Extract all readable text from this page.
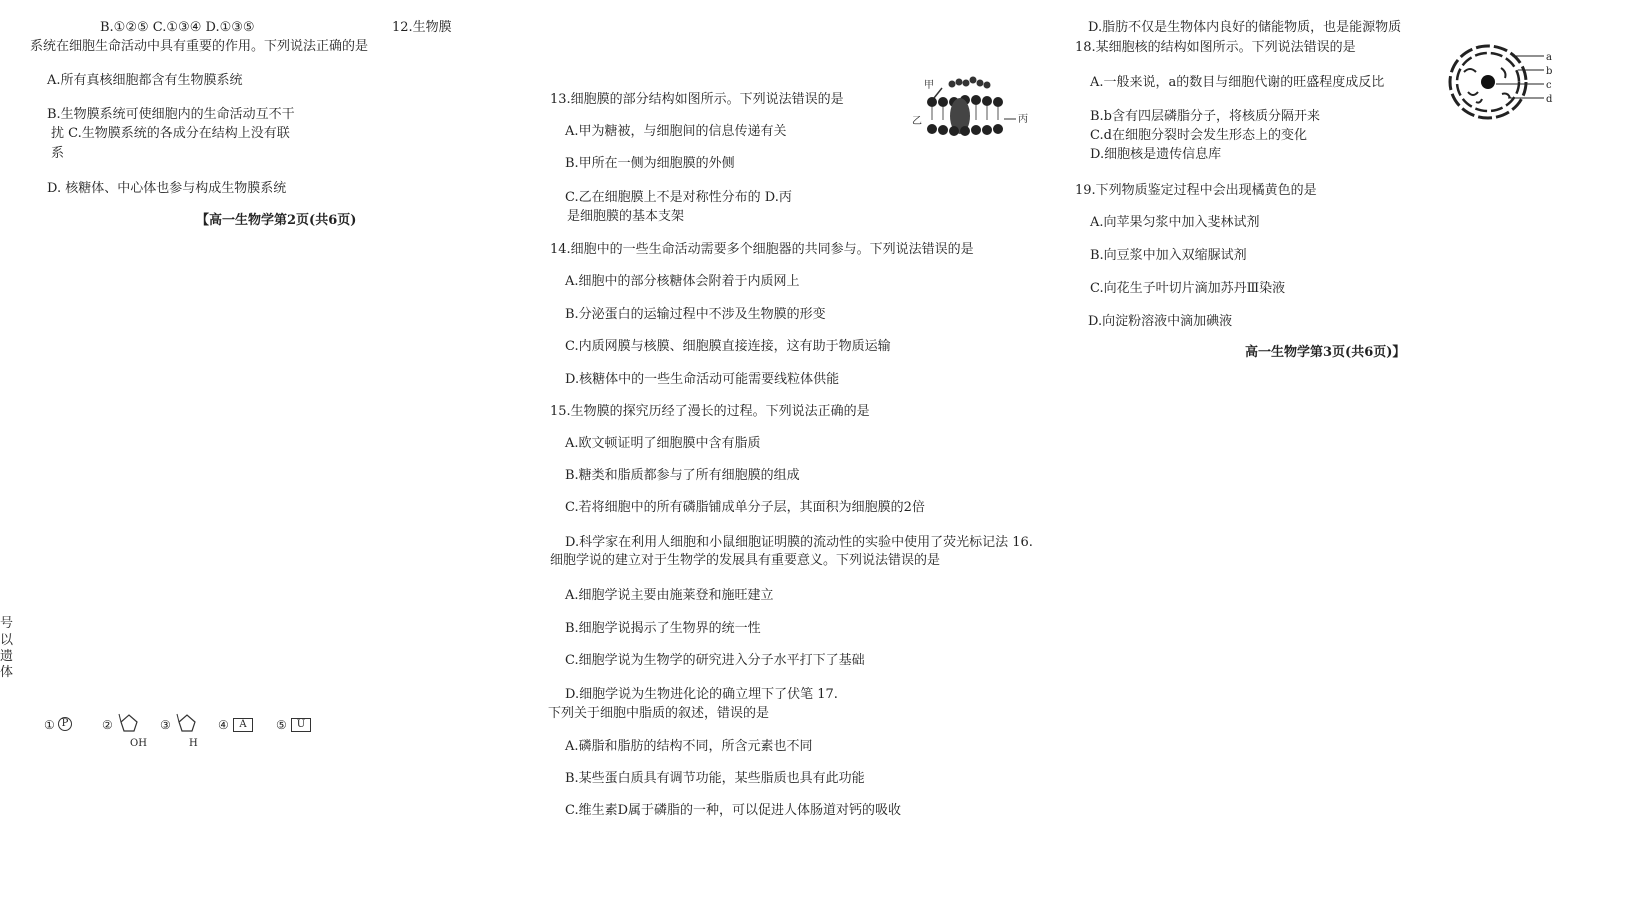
B.①②⑤ C.①③④ D.①③⑤	12.生物膜
系统在细胞生命活动中具有重要的作用。下列说法正确的是
A.所有真核细胞都含有生物膜系统
B.生物膜系统可使细胞内的生命活动互不干
扰 C.生物膜系统的各成分在结构上没有联
系
D. 核糖体、中心体也参与构成生物膜系统
【高一生物学第2页(共6页)
号
以
遗
体
① P	②
OH
③
H
④	A	⑤	U
13.细胞膜的部分结构如图所示。下列说法错误的是
A.甲为糖被，与细胞间的信息传递有关
B.甲所在一侧为细胞膜的外侧
C.乙在细胞膜上不是对称性分布的 D.丙
是细胞膜的基本支架
甲
乙	丙
14.细胞中的一些生命活动需要多个细胞器的共同参与。下列说法错误的是
A.细胞中的部分核糖体会附着于内质网上
B.分泌蛋白的运输过程中不涉及生物膜的形变
C.内质网膜与核膜、细胞膜直接连接，这有助于物质运输
D.核糖体中的一些生命活动可能需要线粒体供能
15.生物膜的探究历经了漫长的过程。下列说法正确的是
A.欧文顿证明了细胞膜中含有脂质
B.糖类和脂质都参与了所有细胞膜的组成
C.若将细胞中的所有磷脂铺成单分子层，其面积为细胞膜的2倍
D.科学家在利用人细胞和小鼠细胞证明膜的流动性的实验中使用了荧光标记法 16.
细胞学说的建立对于生物学的发展具有重要意义。下列说法错误的是
A.细胞学说主要由施莱登和施旺建立
B.细胞学说揭示了生物界的统一性
C.细胞学说为生物学的研究进入分子水平打下了基础
D.细胞学说为生物进化论的确立埋下了伏笔 17.
下列关于细胞中脂质的叙述，错误的是
A.磷脂和脂肪的结构不同，所含元素也不同
B.某些蛋白质具有调节功能，某些脂质也具有此功能
C.维生素D属于磷脂的一种，可以促进人体肠道对钙的吸收
D.脂肪不仅是生物体内良好的储能物质，也是能源物质
18.某细胞核的结构如图所示。下列说法错误的是
A.一般来说，a的数目与细胞代谢的旺盛程度成反比
B.b含有四层磷脂分子，将核质分隔开来
C.d在细胞分裂时会发生形态上的变化
D.细胞核是遗传信息库
a
b
c
d
19.下列物质鉴定过程中会出现橘黄色的是
A.向苹果匀浆中加入斐林试剂
B.向豆浆中加入双缩脲试剂
C.向花生子叶切片滴加苏丹Ⅲ染液
D.向淀粉溶液中滴加碘液
高一生物学第3页(共6页)】
